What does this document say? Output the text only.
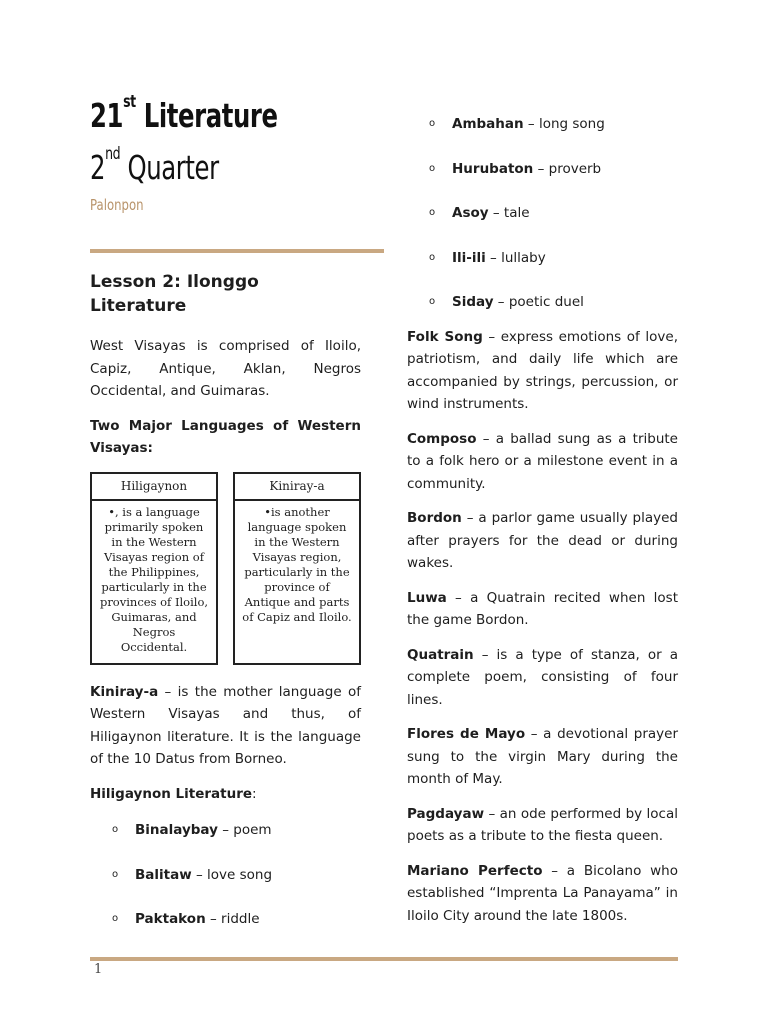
21st Literature
2nd Quarter
Palonpon
Lesson 2: Ilonggo Literature

West Visayas is comprised of Iloilo, Capiz, Antique, Aklan, Negros Occidental, and Guimaras.

Two Major Languages of Western Visayas:

Hiligaynon
•, is a language primarily spoken in the Western Visayas region of the Philippines, particularly in the provinces of Iloilo, Guimaras, and Negros Occidental.
Kiniray-a
•is another language spoken in the Western Visayas region, particularly in the province of Antique and parts of Capiz and Iloilo.

Kiniray-a – is the mother language of Western Visayas and thus, of Hiligaynon literature. It is the language of the 10 Datus from Borneo.

Hiligaynon Literature:

o Binalaybay – poem
o Balitaw – love song
o Paktakon – riddle
o Ambahan – long song
o Hurubaton – proverb
o Asoy – tale
o Ili-ili – lullaby
o Siday – poetic duel

Folk Song – express emotions of love, patriotism, and daily life which are accompanied by strings, percussion, or wind instruments.

Composo – a ballad sung as a tribute to a folk hero or a milestone event in a community.

Bordon – a parlor game usually played after prayers for the dead or during wakes.

Luwa – a Quatrain recited when lost the game Bordon.

Quatrain – is a type of stanza, or a complete poem, consisting of four lines.

Flores de Mayo – a devotional prayer sung to the virgin Mary during the month of May.

Pagdayaw – an ode performed by local poets as a tribute to the fiesta queen.

Mariano Perfecto – a Bicolano who established “Imprenta La Panayama” in Iloilo City around the late 1800s.

1
